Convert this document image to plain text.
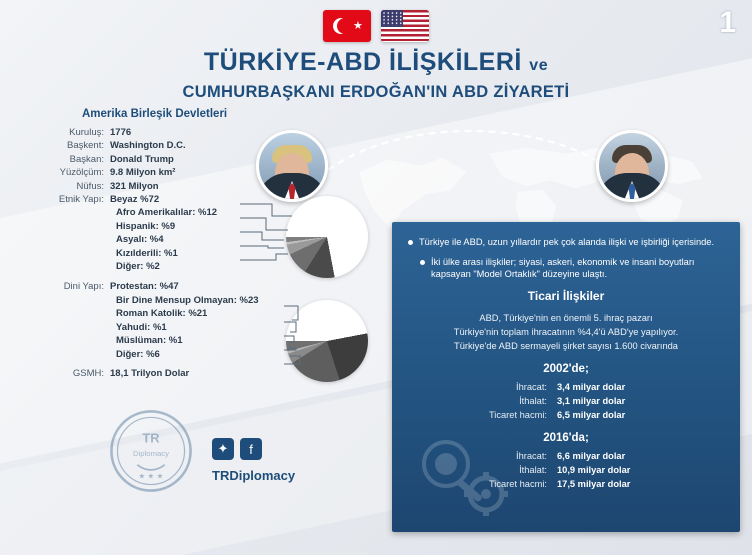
1
★
TÜRKİYE-ABD İLİŞKİLERİ ve
CUMHURBAŞKANI ERDOĞAN'IN ABD ZİYARETİ
Amerika Birleşik Devletleri
Kuruluş: 1776
Başkent: Washington D.C.
Başkan: Donald Trump
Yüzölçüm: 9.8 Milyon km²
Nüfus: 321 Milyon
Etnik Yapı: Beyaz %72
Afro Amerikalılar: %12
Hispanik: %9
Asyalı: %4
Kızılderili: %1
Diğer: %2
Dini Yapı: Protestan: %47
Bir Dine Mensup Olmayan: %23
Roman Katolik: %21
Yahudi: %1
Müslüman: %1
Diğer: %6
GSMH: 18,1 Trilyon Dolar
Türkiye ile ABD, uzun yıllardır pek çok alanda ilişki ve işbirliği içerisinde.
İki ülke arası ilişkiler; siyasi, askeri, ekonomik ve insani boyutları kapsayan "Model Ortaklık" düzeyine ulaştı.
Ticari İlişkiler
ABD, Türkiye'nin en önemli 5. ihraç pazarı
Türkiye'nin toplam ihracatının %4,4'ü ABD'ye yapılıyor.
Türkiye'de ABD sermayeli şirket sayısı 1.600 civarında
2002'de;
İhracat:	3,4 milyar dolar
İthalat:	3,1 milyar dolar
Ticaret hacmi:	6,5 milyar dolar
2016'da;
İhracat:	6,6 milyar dolar
İthalat:	10,9 milyar dolar
Ticaret hacmi:	17,5 milyar dolar
TR
Diplomacy
★ ★ ★
✦	f
TRDiplomacy
